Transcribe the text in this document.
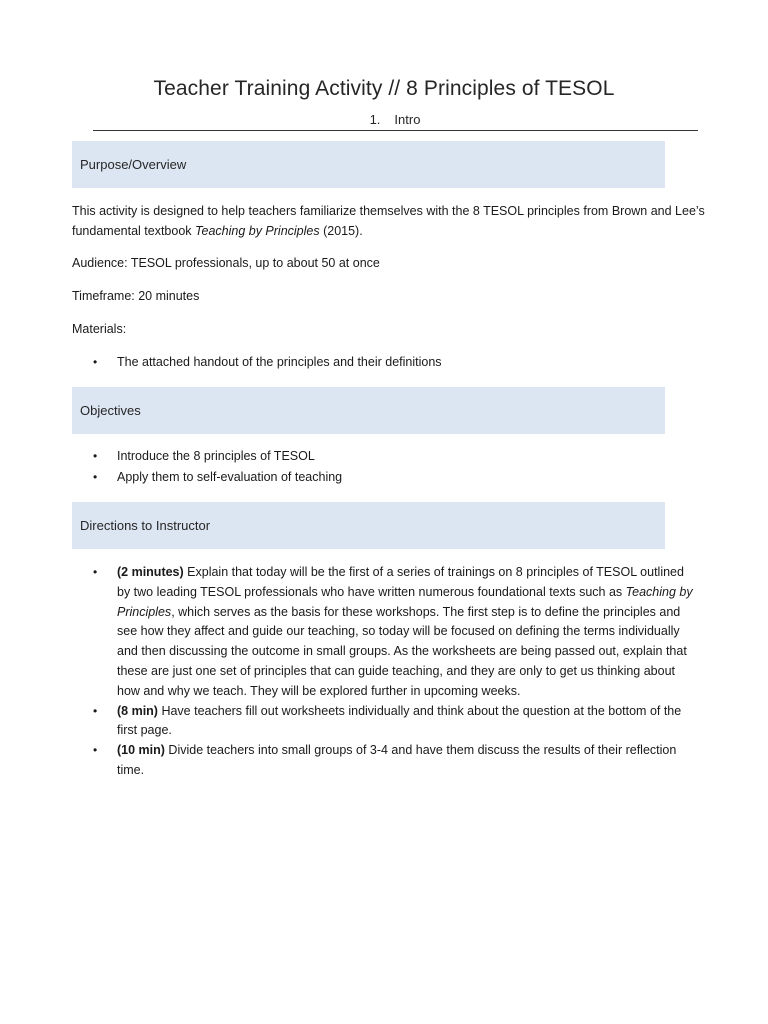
Teacher Training Activity // 8 Principles of TESOL
1. Intro
Purpose/Overview

This activity is designed to help teachers familiarize themselves with the 8 TESOL principles from Brown and Lee’s fundamental textbook Teaching by Principles (2015).

Audience: TESOL professionals, up to about 50 at once

Timeframe: 20 minutes

Materials:

• The attached handout of the principles and their definitions
Objectives
• Introduce the 8 principles of TESOL
• Apply them to self-evaluation of teaching
Directions to Instructor
• (2 minutes) Explain that today will be the first of a series of trainings on 8 principles of TESOL outlined by two leading TESOL professionals who have written numerous foundational texts such as Teaching by Principles, which serves as the basis for these workshops. The first step is to define the principles and see how they affect and guide our teaching, so today will be focused on defining the terms individually and then discussing the outcome in small groups. As the worksheets are being passed out, explain that these are just one set of principles that can guide teaching, and they are only to get us thinking about how and why we teach. They will be explored further in upcoming weeks.
• (8 min) Have teachers fill out worksheets individually and think about the question at the bottom of the first page.
• (10 min) Divide teachers into small groups of 3-4 and have them discuss the results of their reflection time.
